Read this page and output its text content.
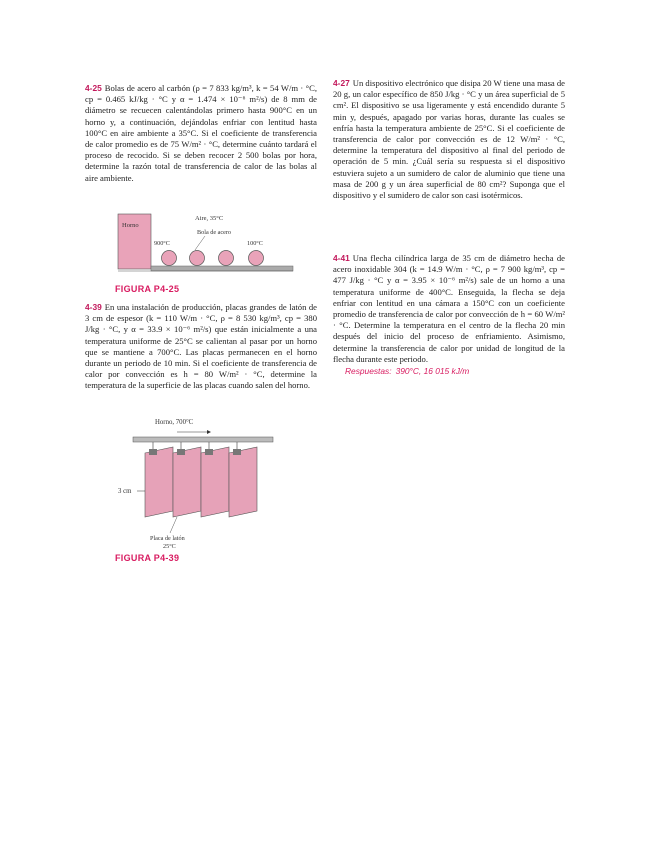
4-25 Bolas de acero al carbón (ρ = 7 833 kg/m³, k = 54 W/m · °C, cp = 0.465 kJ/kg · °C y α = 1.474 × 10⁻⁶ m²/s) de 8 mm de diámetro se recuecen calentándolas primero hasta 900°C en un horno y, a continuación, dejándolas enfriar con lentitud hasta 100°C en aire ambiente a 35°C. Si el coeficiente de transferencia de calor promedio es de 75 W/m² · °C, determine cuánto tardará el proceso de recocido. Si se deben recocer 2 500 bolas por hora, determine la razón total de transferencia de calor de las bolas al aire ambiente.

Horno
Aire, 35°C
Bola de acero
900°C	100°C
FIGURA P4-25

4-39 En una instalación de producción, placas grandes de latón de 3 cm de espesor (k = 110 W/m · °C, ρ = 8 530 kg/m³, cp = 380 J/kg · °C, y α = 33.9 × 10⁻⁶ m²/s) que están inicialmente a una temperatura uniforme de 25°C se calientan al pasar por un horno que se mantiene a 700°C. Las placas permanecen en el horno durante un periodo de 10 min. Si el coeficiente de transferencia de calor por convección es h = 80 W/m² · °C, determine la temperatura de la superficie de las placas cuando salen del horno.

Horno, 700°C
3 cm
Placa de latón
25°C
FIGURA P4-39

4-27 Un dispositivo electrónico que disipa 20 W tiene una masa de 20 g, un calor específico de 850 J/kg · °C y un área superficial de 5 cm². El dispositivo se usa ligeramente y está encendido durante 5 min y, después, apagado por varias horas, durante las cuales se enfría hasta la temperatura ambiente de 25°C. Si el coeficiente de transferencia de calor por convección es de 12 W/m² · °C, determine la temperatura del dispositivo al final del periodo de operación de 5 min. ¿Cuál sería su respuesta si el dispositivo estuviera sujeto a un sumidero de calor de aluminio que tiene una masa de 200 g y un área superficial de 80 cm²? Suponga que el dispositivo y el sumidero de calor son casi isotérmicos.

4-41 Una flecha cilíndrica larga de 35 cm de diámetro hecha de acero inoxidable 304 (k = 14.9 W/m · °C, ρ = 7 900 kg/m³, cp = 477 J/kg · °C y α = 3.95 × 10⁻⁶ m²/s) sale de un horno a una temperatura uniforme de 400°C. Enseguida, la flecha se deja enfriar con lentitud en una cámara a 150°C con un coeficiente promedio de transferencia de calor por convección de h = 60 W/m² · °C. Determine la temperatura en el centro de la flecha 20 min después del inicio del proceso de enfriamiento. Asimismo, determine la transferencia de calor por unidad de longitud de la flecha durante este periodo.

Respuestas: 390°C, 16 015 kJ/m
